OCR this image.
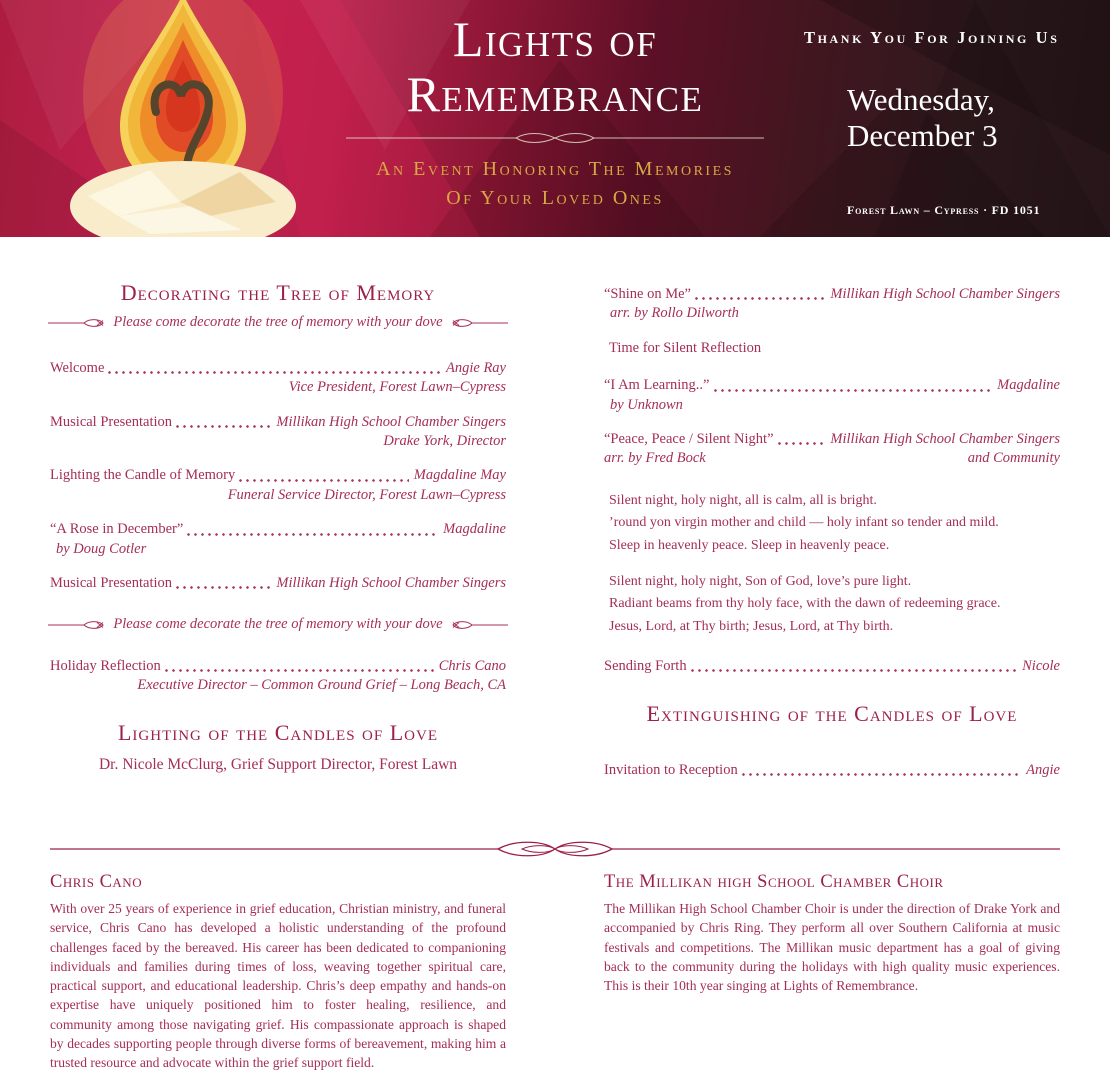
Lights of
Remembrance
An Event Honoring The Memories
Of Your Loved Ones
Thank You For Joining Us
Wednesday,
December 3
Forest Lawn – Cypress · FD 1051
Decorating the Tree of Memory
Please come decorate the tree of memory with your dove
Welcome	Angie Ray
Vice President, Forest Lawn–Cypress
Musical Presentation	Millikan High School Chamber Singers
Drake York, Director
Lighting the Candle of Memory	Magdaline May
Funeral Service Director, Forest Lawn–Cypress
“A Rose in December”	Magdaline
by Doug Cotler
Musical Presentation	Millikan High School Chamber Singers
Please come decorate the tree of memory with your dove
Holiday Reflection	Chris Cano
Executive Director – Common Ground Grief – Long Beach, CA
Lighting of the Candles of Love
Dr. Nicole McClurg, Grief Support Director, Forest Lawn
“Shine on Me”	Millikan High School Chamber Singers
arr. by Rollo Dilworth
Time for Silent Reflection
“I Am Learning..”	Magdaline
by Unknown
“Peace, Peace / Silent Night”	Millikan High School Chamber Singers
arr. by Fred Bock	and Community
Silent night, holy night, all is calm, all is bright.
’round yon virgin mother and child — holy infant so tender and mild.
Sleep in heavenly peace. Sleep in heavenly peace.
Silent night, holy night, Son of God, love’s pure light.
Radiant beams from thy holy face, with the dawn of redeeming grace.
Jesus, Lord, at Thy birth; Jesus, Lord, at Thy birth.
Sending Forth	Nicole
Extinguishing of the Candles of Love
Invitation to Reception	Angie
Chris Cano

With over 25 years of experience in grief education, Christian ministry, and funeral service, Chris Cano has developed a holistic understanding of the profound challenges faced by the bereaved. His career has been dedicated to companioning individuals and families during times of loss, weaving together spiritual care, practical support, and educational leadership. Chris’s deep empathy and hands-on expertise have uniquely positioned him to foster healing, resilience, and community among those navigating grief. His compassionate approach is shaped by decades supporting people through diverse forms of bereavement, making him a trusted resource and advocate within the grief support field.

The Millikan high School Chamber Choir

The Millikan High School Chamber Choir is under the direction of Drake York and accompanied by Chris Ring. They perform all over Southern California at music festivals and competitions. The Millikan music department has a goal of giving back to the community during the holidays with high quality music experiences. This is their 10th year singing at Lights of Remembrance.
